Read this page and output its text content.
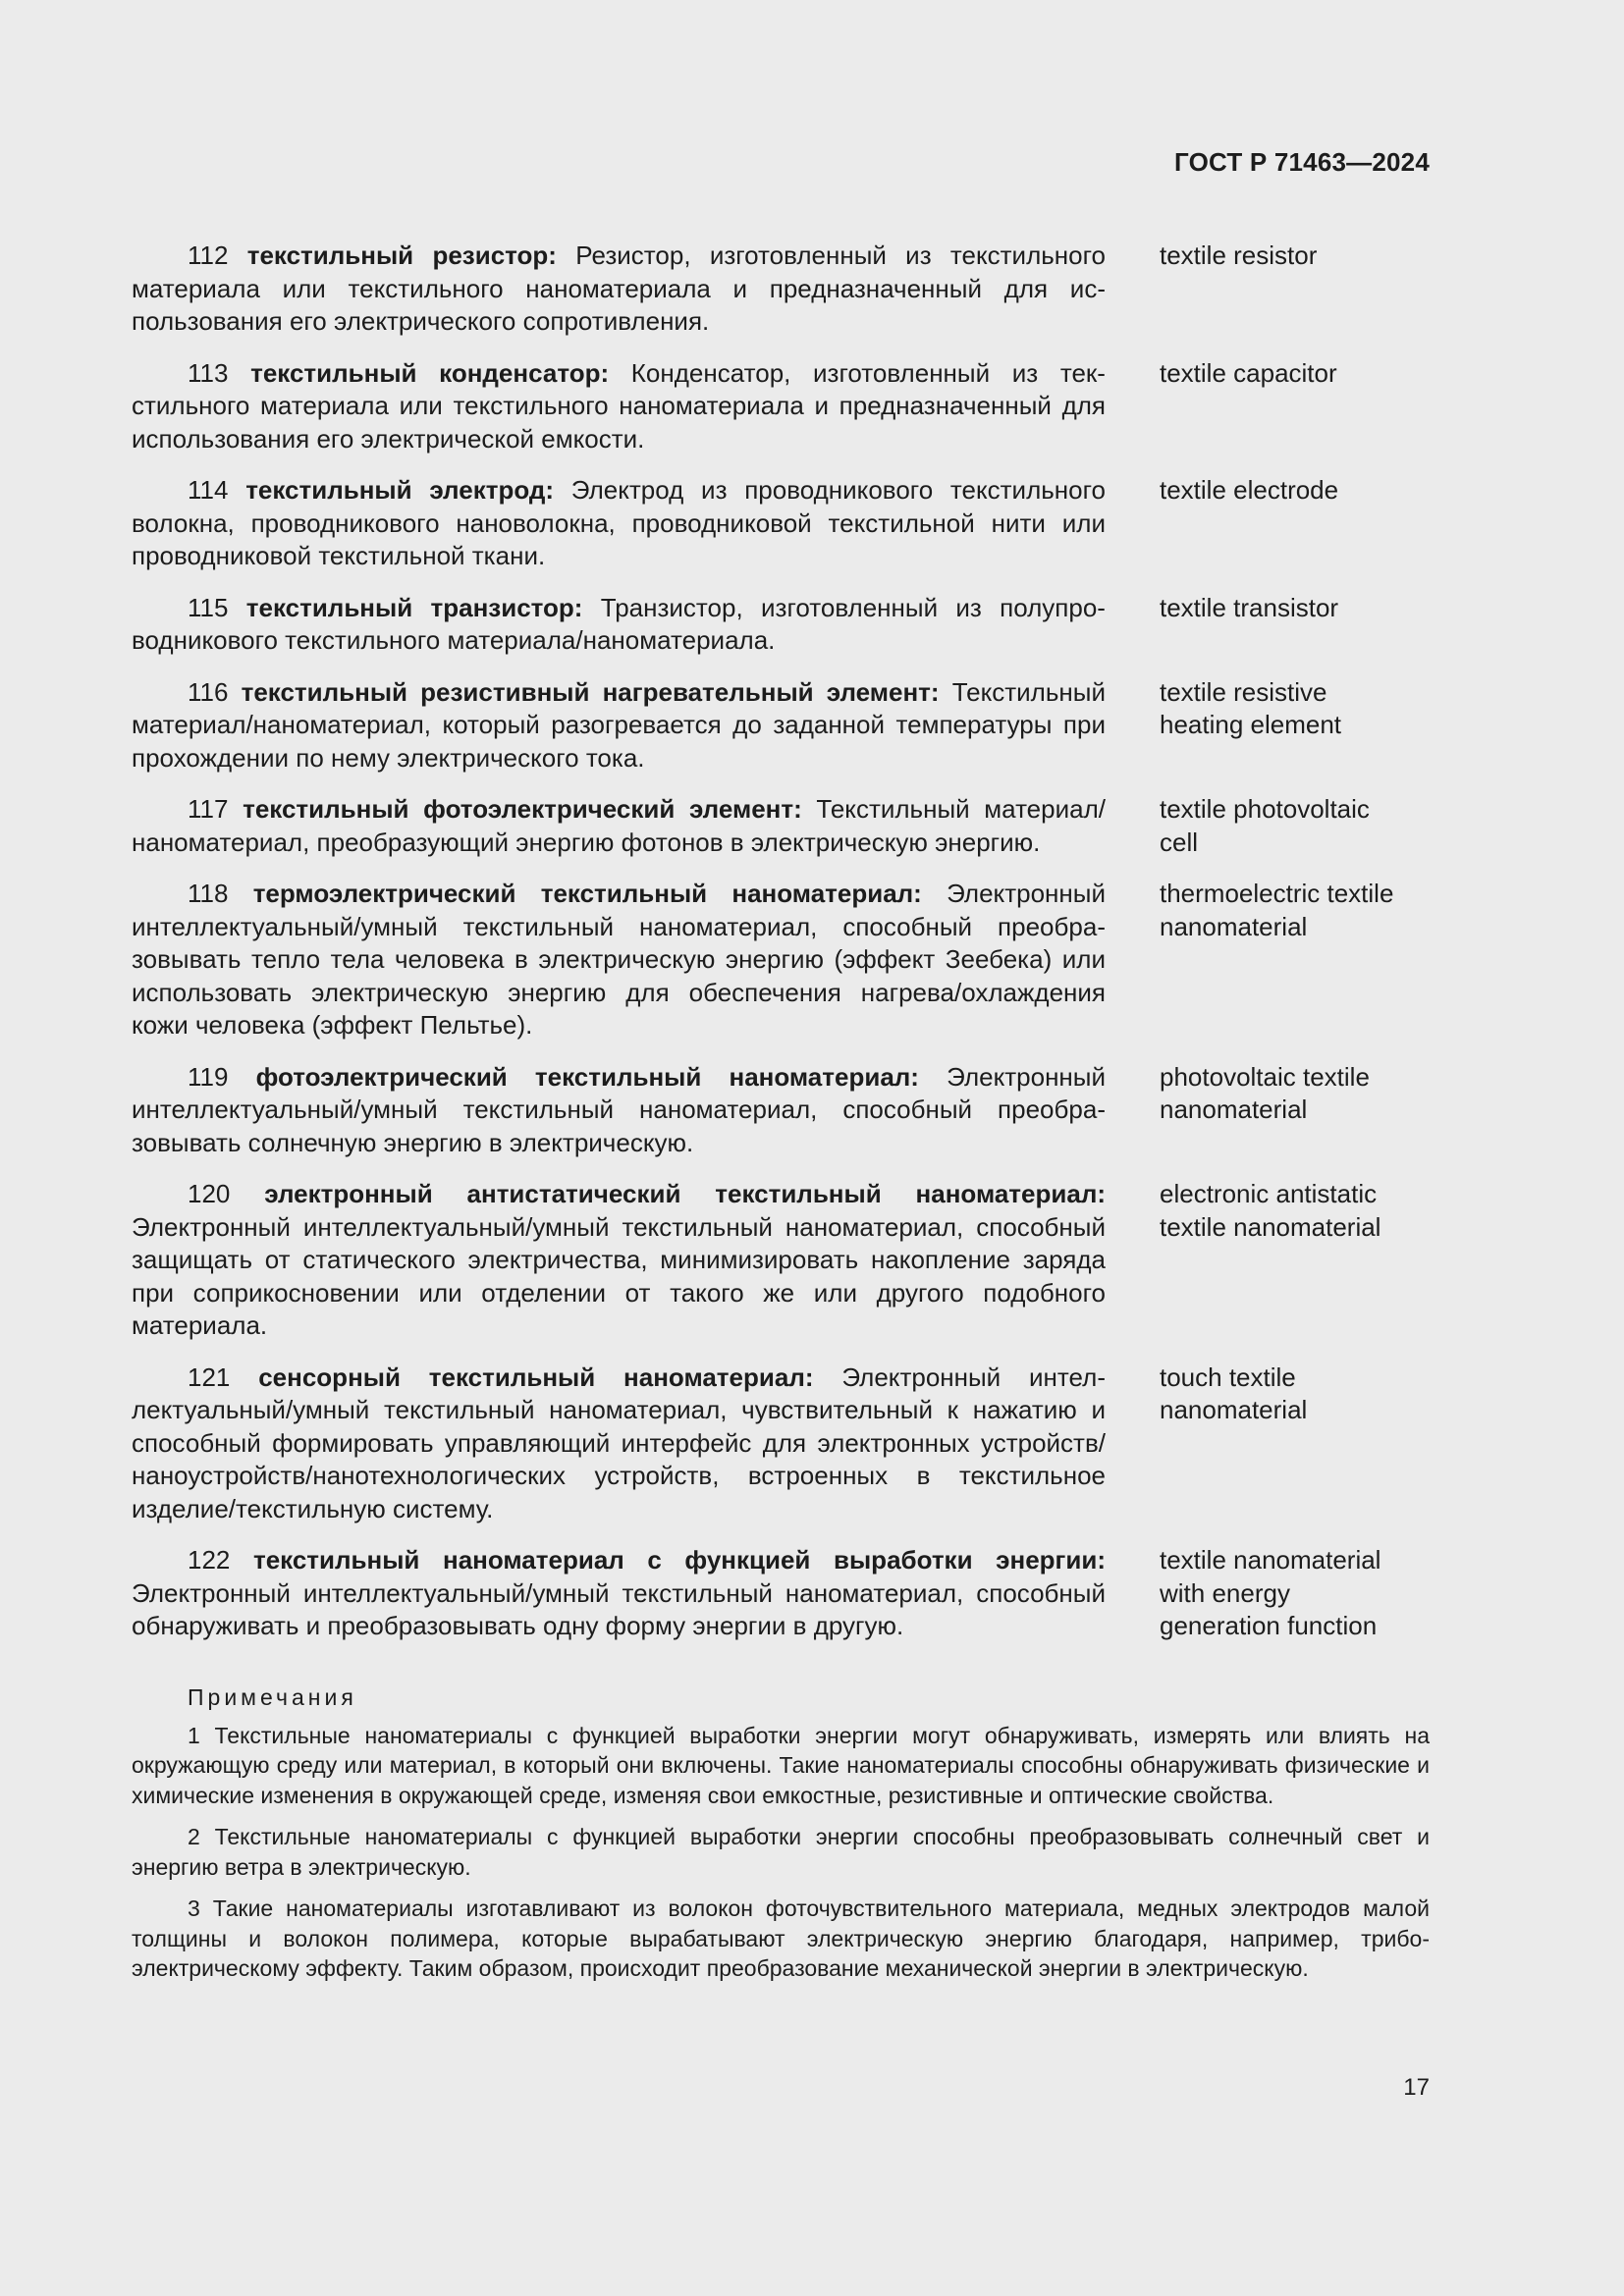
ГОСТ Р 71463—2024

112 текстильный резистор: Резистор, изготовленный из текстильного материала или текстильного наноматериала и предназначенный для использования его электрического сопротивления.

textile resistor

113 текстильный конденсатор: Конденсатор, изготовленный из текстильного материала или текстильного наноматериала и предназначенный для использования его электрической емкости.

textile capacitor

114 текстильный электрод: Электрод из проводникового текстильного волокна, проводникового нановолокна, проводниковой текстильной нити или проводниковой текстильной ткани.

textile electrode

115 текстильный транзистор: Транзистор, изготовленный из полупроводникового текстильного материала/наноматериала.

textile transistor

116 текстильный резистивный нагревательный элемент: Текстильный материал/наноматериал, который разогревается до заданной температуры при прохождении по нему электрического тока.

textile resistive
heating element

117 текстильный фотоэлектрический элемент: Текстильный материал/наноматериал, преобразующий энергию фотонов в электрическую энергию.

textile photovoltaic
cell

118 термоэлектрический текстильный наноматериал: Электронный интеллектуальный/умный текстильный наноматериал, способный преобразовывать тепло тела человека в электрическую энергию (эффект Зеебека) или использовать электрическую энергию для обеспечения нагрева/охлаждения кожи человека (эффект Пельтье).

thermoelectric textile
nanomaterial

119 фотоэлектрический текстильный наноматериал: Электронный интеллектуальный/умный текстильный наноматериал, способный преобразовывать солнечную энергию в электрическую.

photovoltaic textile
nanomaterial

120 электронный антистатический текстильный наноматериал: Электронный интеллектуальный/умный текстильный наноматериал, способный защищать от статического электричества, минимизировать накопление заряда при соприкосновении или отделении от такого же или другого подобного материала.

electronic antistatic
textile nanomaterial

121 сенсорный текстильный наноматериал: Электронный интеллектуальный/умный текстильный наноматериал, чувствительный к нажатию и способный формировать управляющий интерфейс для электронных устройств/наноустройств/нанотехнологических устройств, встроенных в текстильное изделие/текстильную систему.

touch textile
nanomaterial

122 текстильный наноматериал с функцией выработки энергии: Электронный интеллектуальный/умный текстильный наноматериал, способный обнаруживать и преобразовывать одну форму энергии в другую.

textile nanomaterial
with energy
generation function
Примечания

1 Текстильные наноматериалы с функцией выработки энергии могут обнаруживать, измерять или влиять на окружающую среду или материал, в который они включены. Такие наноматериалы способны обнаруживать физические и химические изменения в окружающей среде, изменяя свои емкостные, резистивные и оптические свойства.

2 Текстильные наноматериалы с функцией выработки энергии способны преобразовывать солнечный свет и энергию ветра в электрическую.

3 Такие наноматериалы изготавливают из волокон фоточувствительного материала, медных электродов малой толщины и волокон полимера, которые вырабатывают электрическую энергию благодаря, например, трибоэлектрическому эффекту. Таким образом, происходит преобразование механической энергии в электрическую.

17
